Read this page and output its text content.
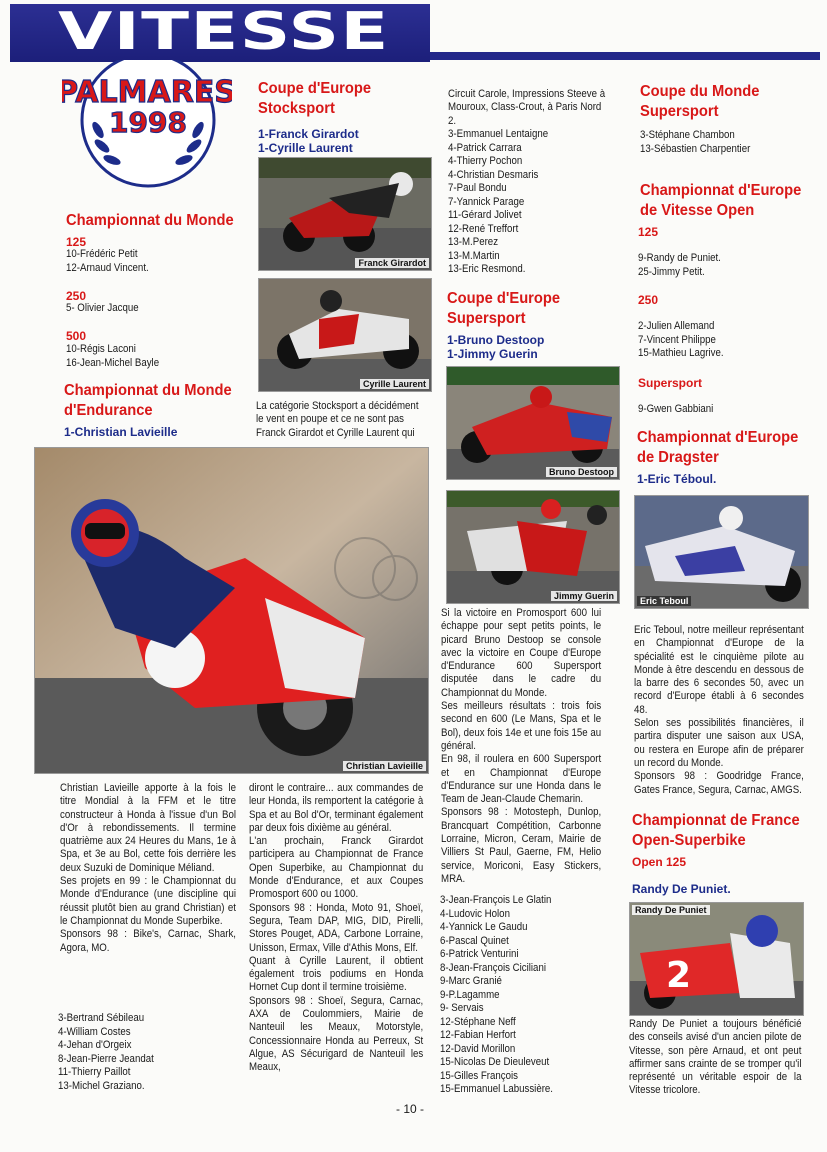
VITESSE
PALMARES
1998
Championnat du Monde
125
10-Frédéric Petit
12-Arnaud Vincent.
250
5- Olivier Jacque
500
10-Régis Laconi
16-Jean-Michel Bayle
Championnat du Monde
d'Endurance
1-Christian Lavieille
Christian Lavieille

Christian Lavieille apporte à la fois le titre Mondial à la FFM et le titre constructeur à Honda à l'issue d'un Bol d'Or à rebondissements. Il termine quatrième aux 24 Heures du Mans, 1e à Spa, et 3e au Bol, cette fois derrière les deux Suzuki de Dominique Méliand.

Ses projets en 99 : le Championnat du Monde d'Endurance (une discipline qui réussit plutôt bien au grand Christian) et le Championnat du Monde Superbike.

Sponsors 98 : Bike's, Carnac, Shark, Agora, MO.

3-Bertrand Sébileau
4-William Costes
4-Jehan d'Orgeix
8-Jean-Pierre Jeandat
11-Thierry Paillot
13-Michel Graziano.
Coupe d'Europe
Stocksport
1-Franck Girardot
1-Cyrille Laurent
Franck Girardot
Cyrille Laurent

La catégorie Stocksport a décidément le vent en poupe et ce ne sont pas Franck Girardot et Cyrille Laurent qui

diront le contraire... aux commandes de leur Honda, ils remportent la catégorie à Spa et au Bol d'Or, terminant également par deux fois dixième au général.

L'an prochain, Franck Girardot participera au Championnat de France Open Superbike, au Championnat du Monde d'Endurance, et aux Coupes Promosport 600 ou 1000.

Sponsors 98 : Honda, Moto 91, Shoeï, Segura, Team DAP, MIG, DID, Pirelli, Stores Pouget, ADA, Carbone Lorraine, Unisson, Ermax, Ville d'Athis Mons, Elf.

Quant à Cyrille Laurent, il obtient également trois podiums en Honda Hornet Cup dont il termine troisième.

Sponsors 98 : Shoeï, Segura, Carnac, AXA de Coulommiers, Mairie de Nanteuil les Meaux, Motorstyle, Concessionnaire Honda au Perreux, St Algue, AS Sécurigard de Nanteuil les Meaux,

Circuit Carole, Impressions Steeve à Mouroux, Class-Crout, à Paris Nord 2.

3-Emmanuel Lentaigne
4-Patrick Carrara
4-Thierry Pochon
4-Christian Desmaris
7-Paul Bondu
7-Yannick Parage
11-Gérard Jolivet
12-René Treffort
13-M.Perez
13-M.Martin
13-Eric Resmond.
Coupe d'Europe
Supersport
1-Bruno Destoop
1-Jimmy Guerin
Bruno Destoop
Jimmy Guerin

Si la victoire en Promosport 600 lui échappe pour sept petits points, le picard Bruno Destoop se console avec la victoire en Coupe d'Europe d'Endurance 600 Supersport disputée dans le cadre du Championnat du Monde.

Ses meilleurs résultats : trois fois second en 600 (Le Mans, Spa et le Bol), deux fois 14e et une fois 15e au général.

En 98, il roulera en 600 Supersport et en Championnat d'Europe d'Endurance sur une Honda dans le Team de Jean-Claude Chemarin.

Sponsors 98 : Motosteph, Dunlop, Brancquart Compétition, Carbonne Lorraine, Micron, Ceram, Mairie de Villiers St Paul, Gaerne, FM, Helio service, Moriconi, Easy Stickers, MRA.

3-Jean-François Le Glatin
4-Ludovic Holon
4-Yannick Le Gaudu
6-Pascal Quinet
6-Patrick Venturini
8-Jean-François Ciciliani
9-Marc Granié
9-P.Lagamme
9- Servais
12-Stéphane Neff
12-Fabian Herfort
12-David Morillon
15-Nicolas De Dieuleveut
15-Gilles François
15-Emmanuel Labussière.
Coupe du Monde
Supersport
3-Stéphane Chambon
13-Sébastien Charpentier
Championnat d'Europe
de Vitesse Open
125
9-Randy de Puniet.
25-Jimmy Petit.
250
2-Julien Allemand
7-Vincent Philippe
15-Mathieu Lagrive.
Supersport
9-Gwen Gabbiani
Championnat d'Europe
de Dragster
1-Eric Téboul.
Eric Teboul

Eric Teboul, notre meilleur représentant en Championnat d'Europe de la spécialité est le cinquième pilote au Monde à être descendu en dessous de la barre des 6 secondes 50, avec un record d'Europe établi à 6 secondes 48.

Selon ses possibilités financières, il partira disputer une saison aux USA, ou restera en Europe afin de préparer un record du Monde.

Sponsors 98 : Goodridge France, Gates France, Segura, Carnac, AMGS.

Championnat de France
Open-Superbike
Open 125
Randy De Puniet.
2
Randy De Puniet

Randy De Puniet a toujours bénéficié des conseils avisé d'un ancien pilote de Vitesse, son père Arnaud, et ont peut affirmer sans crainte de se tromper qu'il représenté un véritable espoir de la Vitesse tricolore.

- 10 -
